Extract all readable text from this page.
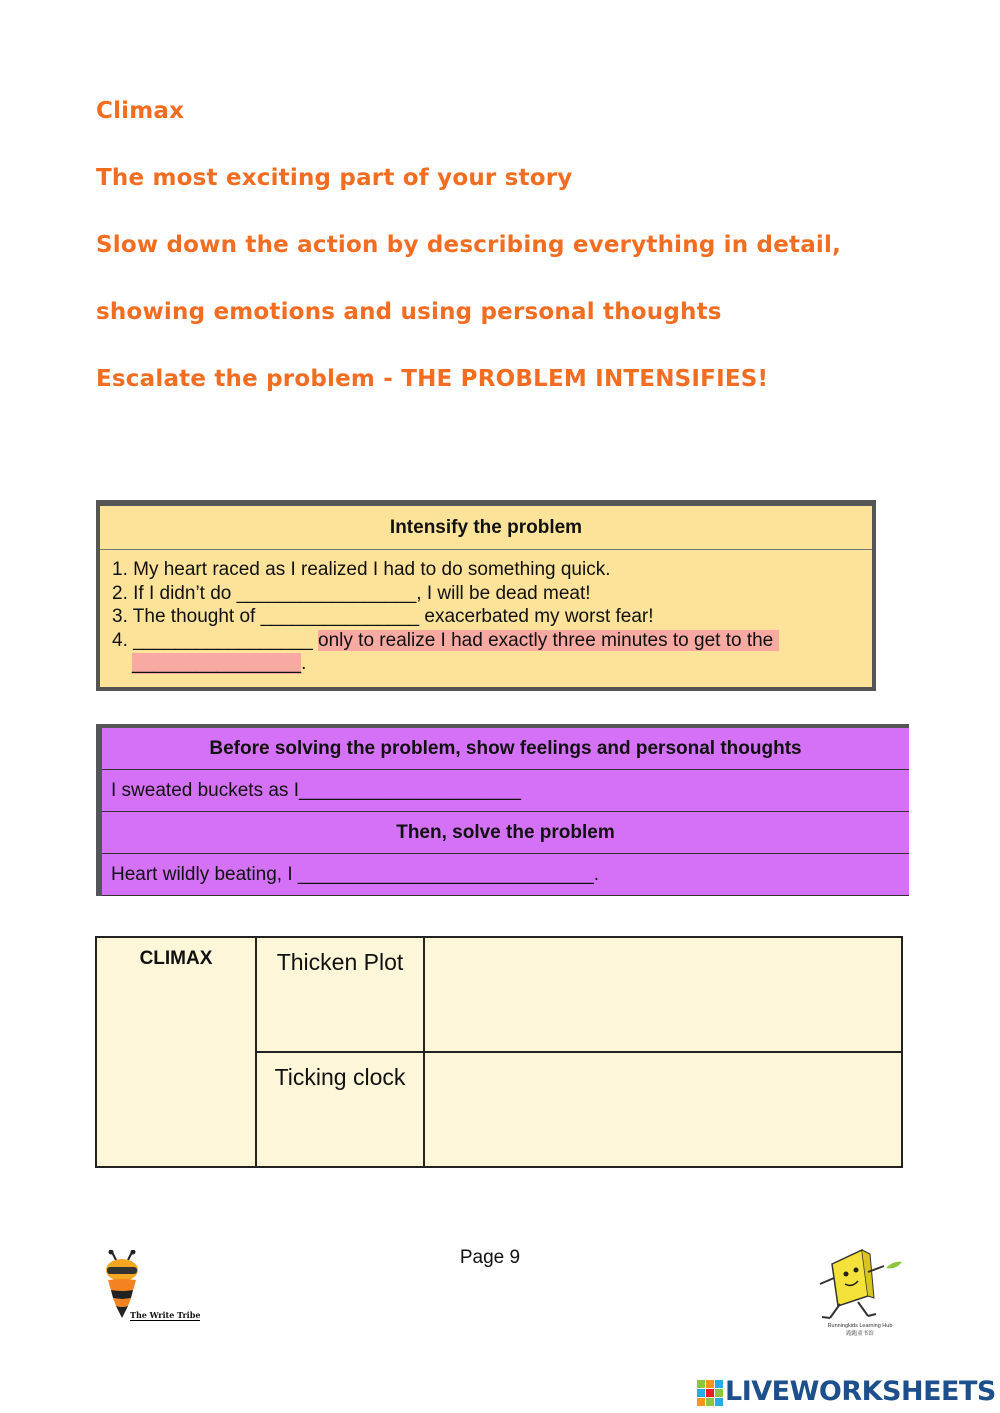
Climax
The most exciting part of your story
Slow down the action by describing everything in detail,
showing emotions and using personal thoughts
Escalate the problem - THE PROBLEM INTENSIFIES!
Intensify the problem
1. My heart raced as I realized I had to do something quick.
2. If I didn’t do _________________, I will be dead meat!
3. The thought of _______________ exacerbated my worst fear!
4. _________________ only to realize I had exactly three minutes to get to the
________________.
Before solving the problem, show feelings and personal thoughts
I sweated buckets as I_____________________
Then, solve the problem
Heart wildly beating, I ____________________________.
CLIMAX	Thicken Plot	
	Ticking clock	
Page 9
The Write Tribe
Runningkids Learning Hub
跑跑童书馆
LIVEWORKSHEETS
